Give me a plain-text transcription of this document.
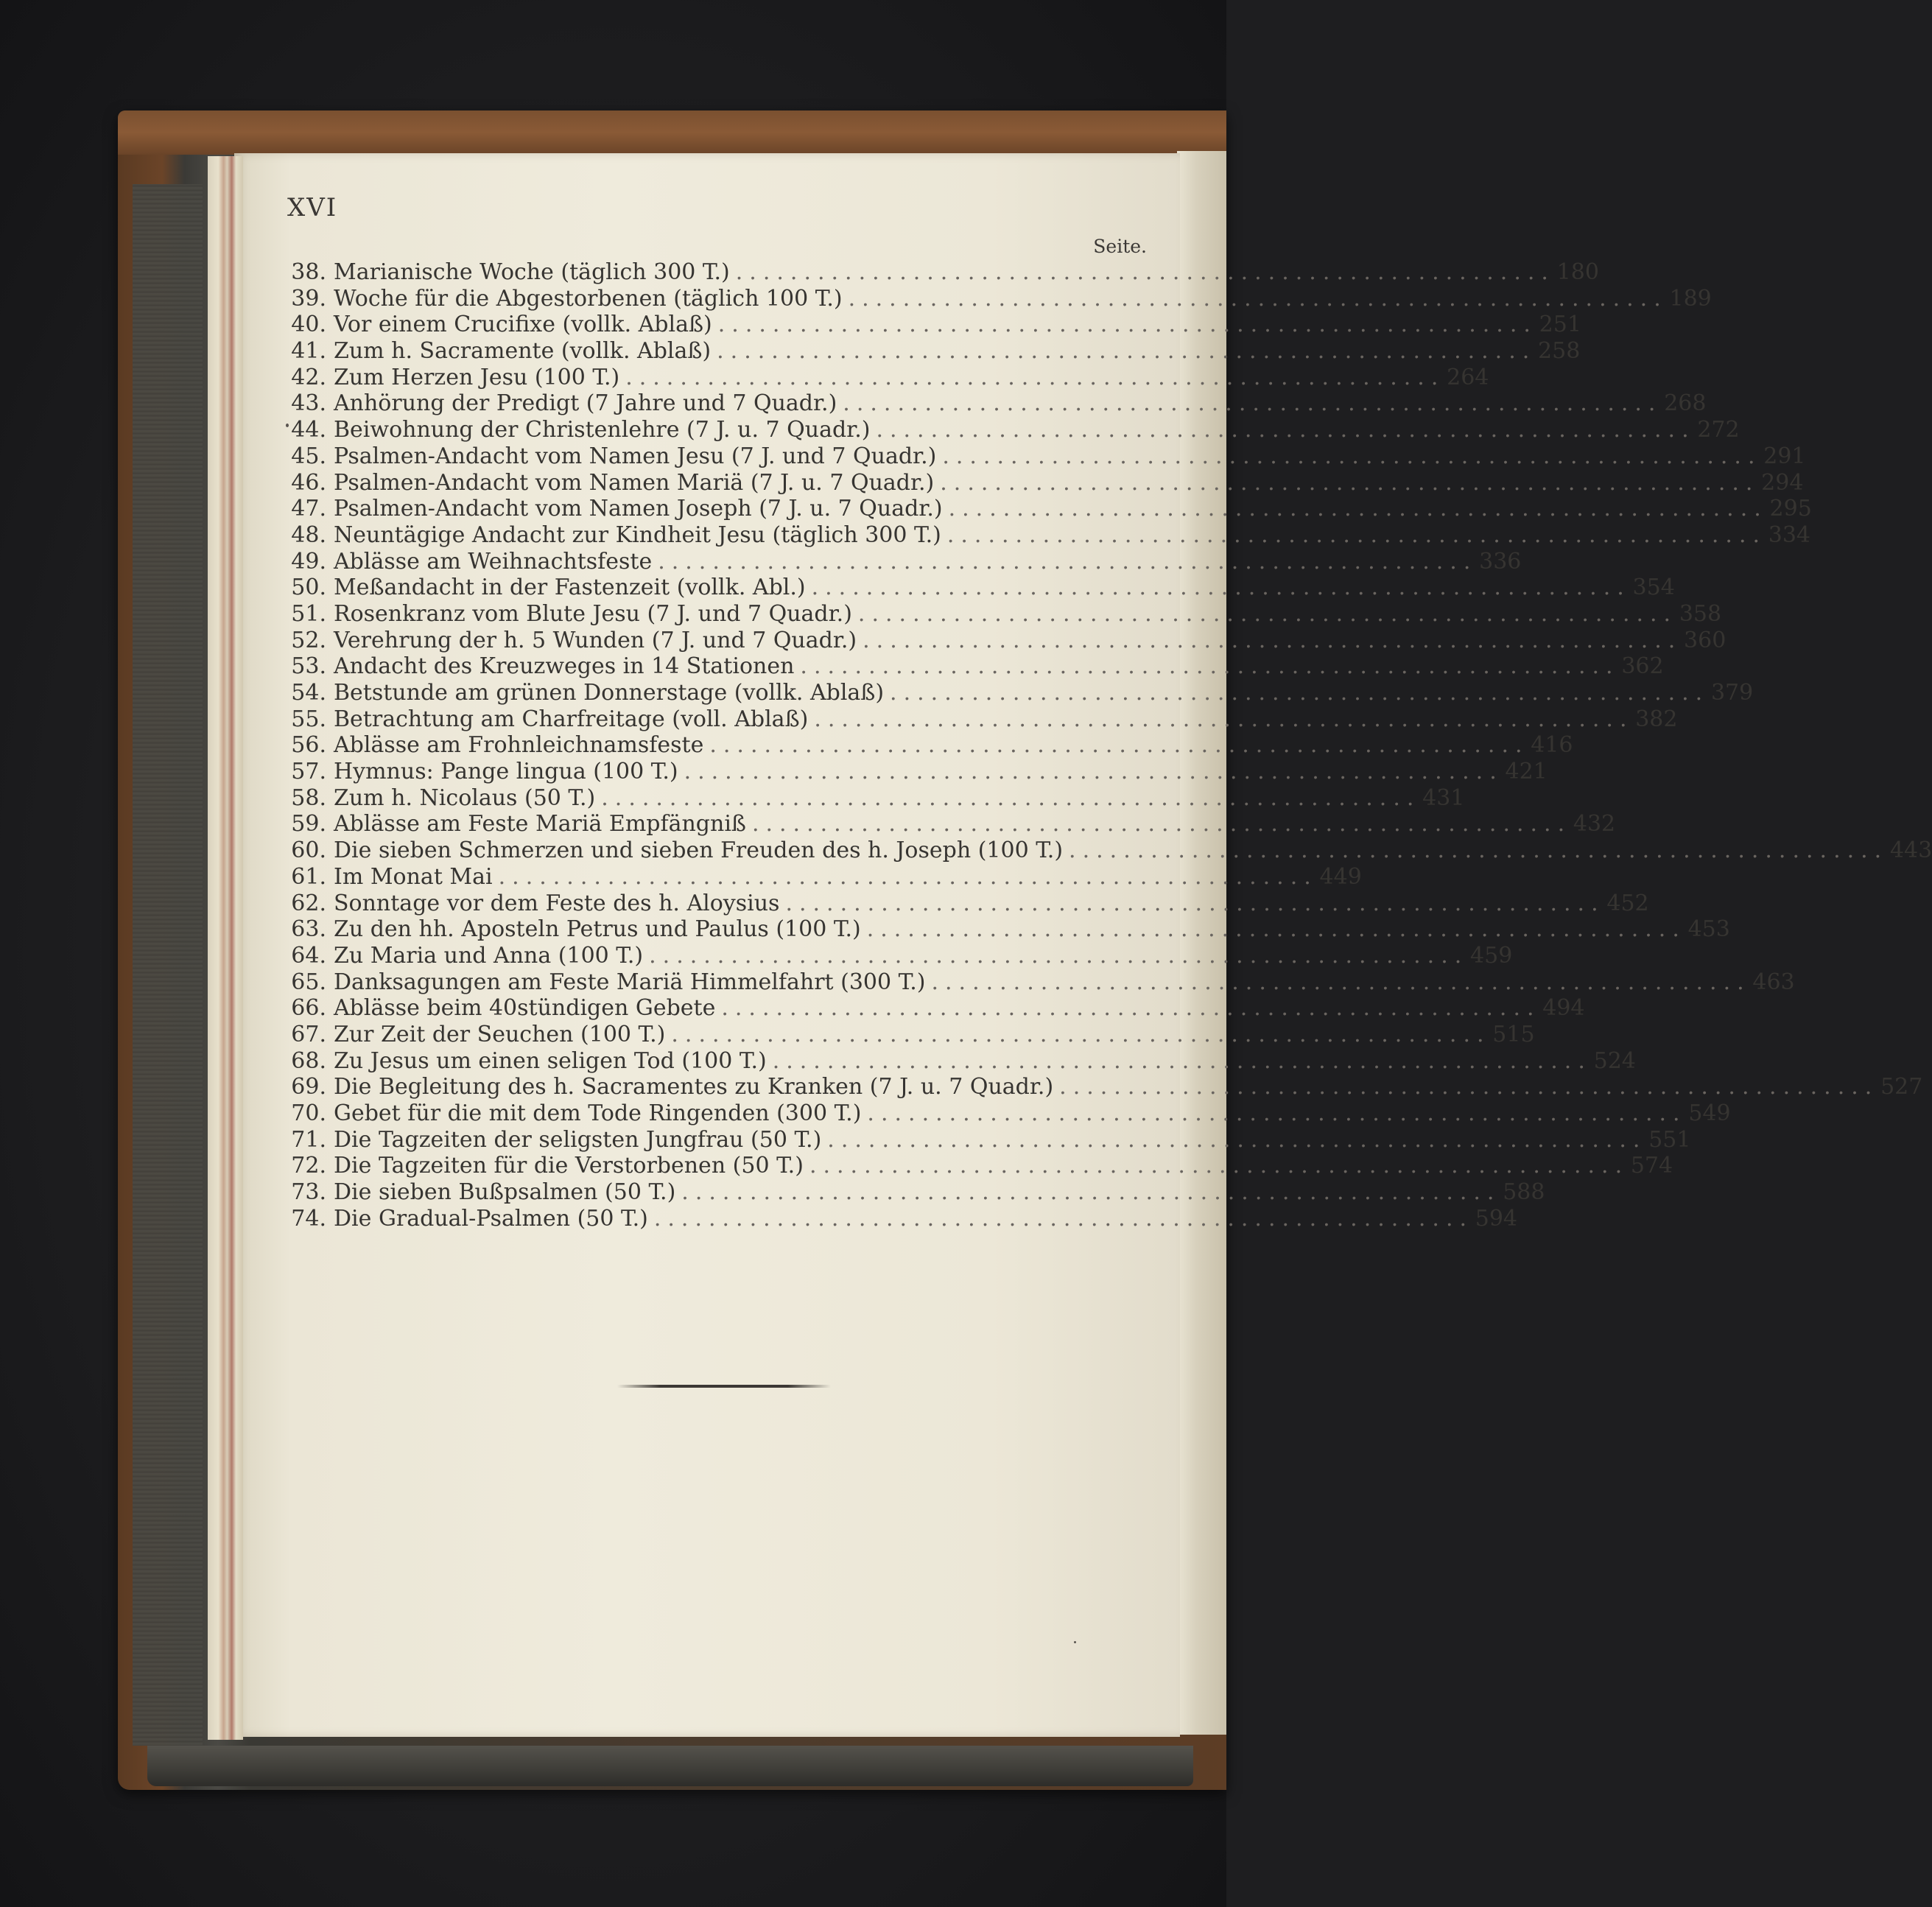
XVI
Seite.
38. Marianische Woche (täglich 300 T.) ............................................................ 180
39. Woche für die Abgestorbenen (täglich 100 T.) ............................................................ 189
40. Vor einem Crucifixe (vollk. Ablaß) ............................................................ 251
41. Zum h. Sacramente (vollk. Ablaß) ............................................................ 258
42. Zum Herzen Jesu (100 T.) ............................................................ 264
43. Anhörung der Predigt (7 Jahre und 7 Quadr.) ............................................................ 268
44. Beiwohnung der Christenlehre (7 J. u. 7 Quadr.) ............................................................ 272
45. Psalmen-Andacht vom Namen Jesu (7 J. und 7 Quadr.) ............................................................ 291
46. Psalmen-Andacht vom Namen Mariä (7 J. u. 7 Quadr.) ............................................................ 294
47. Psalmen-Andacht vom Namen Joseph (7 J. u. 7 Quadr.) ............................................................ 295
48. Neuntägige Andacht zur Kindheit Jesu (täglich 300 T.) ............................................................ 334
49. Ablässe am Weihnachtsfeste ............................................................ 336
50. Meßandacht in der Fastenzeit (vollk. Abl.) ............................................................ 354
51. Rosenkranz vom Blute Jesu (7 J. und 7 Quadr.) ............................................................ 358
52. Verehrung der h. 5 Wunden (7 J. und 7 Quadr.) ............................................................ 360
53. Andacht des Kreuzweges in 14 Stationen ............................................................ 362
54. Betstunde am grünen Donnerstage (vollk. Ablaß) ............................................................ 379
55. Betrachtung am Charfreitage (voll. Ablaß) ............................................................ 382
56. Ablässe am Frohnleichnamsfeste ............................................................ 416
57. Hymnus: Pange lingua (100 T.) ............................................................ 421
58. Zum h. Nicolaus (50 T.) ............................................................ 431
59. Ablässe am Feste Mariä Empfängniß ............................................................ 432
60. Die sieben Schmerzen und sieben Freuden des h. Joseph (100 T.) ............................................................ 443
61. Im Monat Mai ............................................................ 449
62. Sonntage vor dem Feste des h. Aloysius ............................................................ 452
63. Zu den hh. Aposteln Petrus und Paulus (100 T.) ............................................................ 453
64. Zu Maria und Anna (100 T.) ............................................................ 459
65. Danksagungen am Feste Mariä Himmelfahrt (300 T.) ............................................................ 463
66. Ablässe beim 40stündigen Gebete ............................................................ 494
67. Zur Zeit der Seuchen (100 T.) ............................................................ 515
68. Zu Jesus um einen seligen Tod (100 T.) ............................................................ 524
69. Die Begleitung des h. Sacramentes zu Kranken (7 J. u. 7 Quadr.) ............................................................ 527
70. Gebet für die mit dem Tode Ringenden (300 T.) ............................................................ 549
71. Die Tagzeiten der seligsten Jungfrau (50 T.) ............................................................ 551
72. Die Tagzeiten für die Verstorbenen (50 T.) ............................................................ 574
73. Die sieben Bußpsalmen (50 T.) ............................................................ 588
74. Die Gradual-Psalmen (50 T.) ............................................................ 594
